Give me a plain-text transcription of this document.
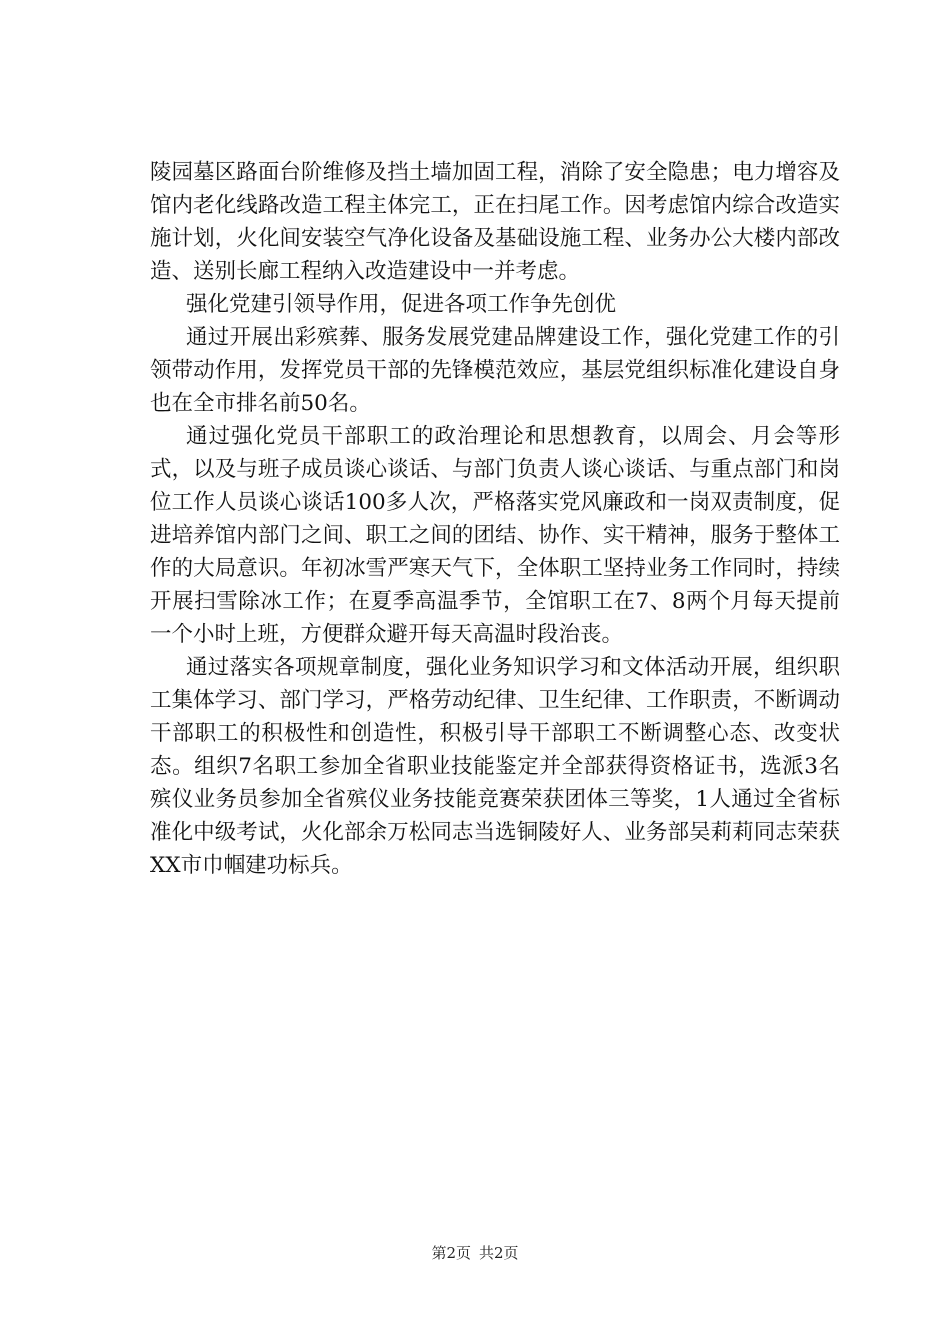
陵园墓区路面台阶维修及挡土墙加固工程，消除了安全隐患；电力增容及馆内老化线路改造工程主体完工，正在扫尾工作。因考虑馆内综合改造实施计划，火化间安装空气净化设备及基础设施工程、业务办公大楼内部改造、送别长廊工程纳入改造建设中一并考虑。

强化党建引领导作用，促进各项工作争先创优

通过开展出彩殡葬、服务发展党建品牌建设工作，强化党建工作的引领带动作用，发挥党员干部的先锋模范效应，基层党组织标准化建设自身也在全市排名前50名。

通过强化党员干部职工的政治理论和思想教育，以周会、月会等形式，以及与班子成员谈心谈话、与部门负责人谈心谈话、与重点部门和岗位工作人员谈心谈话100多人次，严格落实党风廉政和一岗双责制度，促进培养馆内部门之间、职工之间的团结、协作、实干精神，服务于整体工作的大局意识。年初冰雪严寒天气下，全体职工坚持业务工作同时，持续开展扫雪除冰工作；在夏季高温季节，全馆职工在7、8两个月每天提前一个小时上班，方便群众避开每天高温时段治丧。

通过落实各项规章制度，强化业务知识学习和文体活动开展，组织职工集体学习、部门学习，严格劳动纪律、卫生纪律、工作职责，不断调动干部职工的积极性和创造性，积极引导干部职工不断调整心态、改变状态。组织7名职工参加全省职业技能鉴定并全部获得资格证书，选派3名殡仪业务员参加全省殡仪业务技能竞赛荣获团体三等奖，1人通过全省标准化中级考试，火化部余万松同志当选铜陵好人、业务部吴莉莉同志荣获XX市巾帼建功标兵。

第2页 共2页
